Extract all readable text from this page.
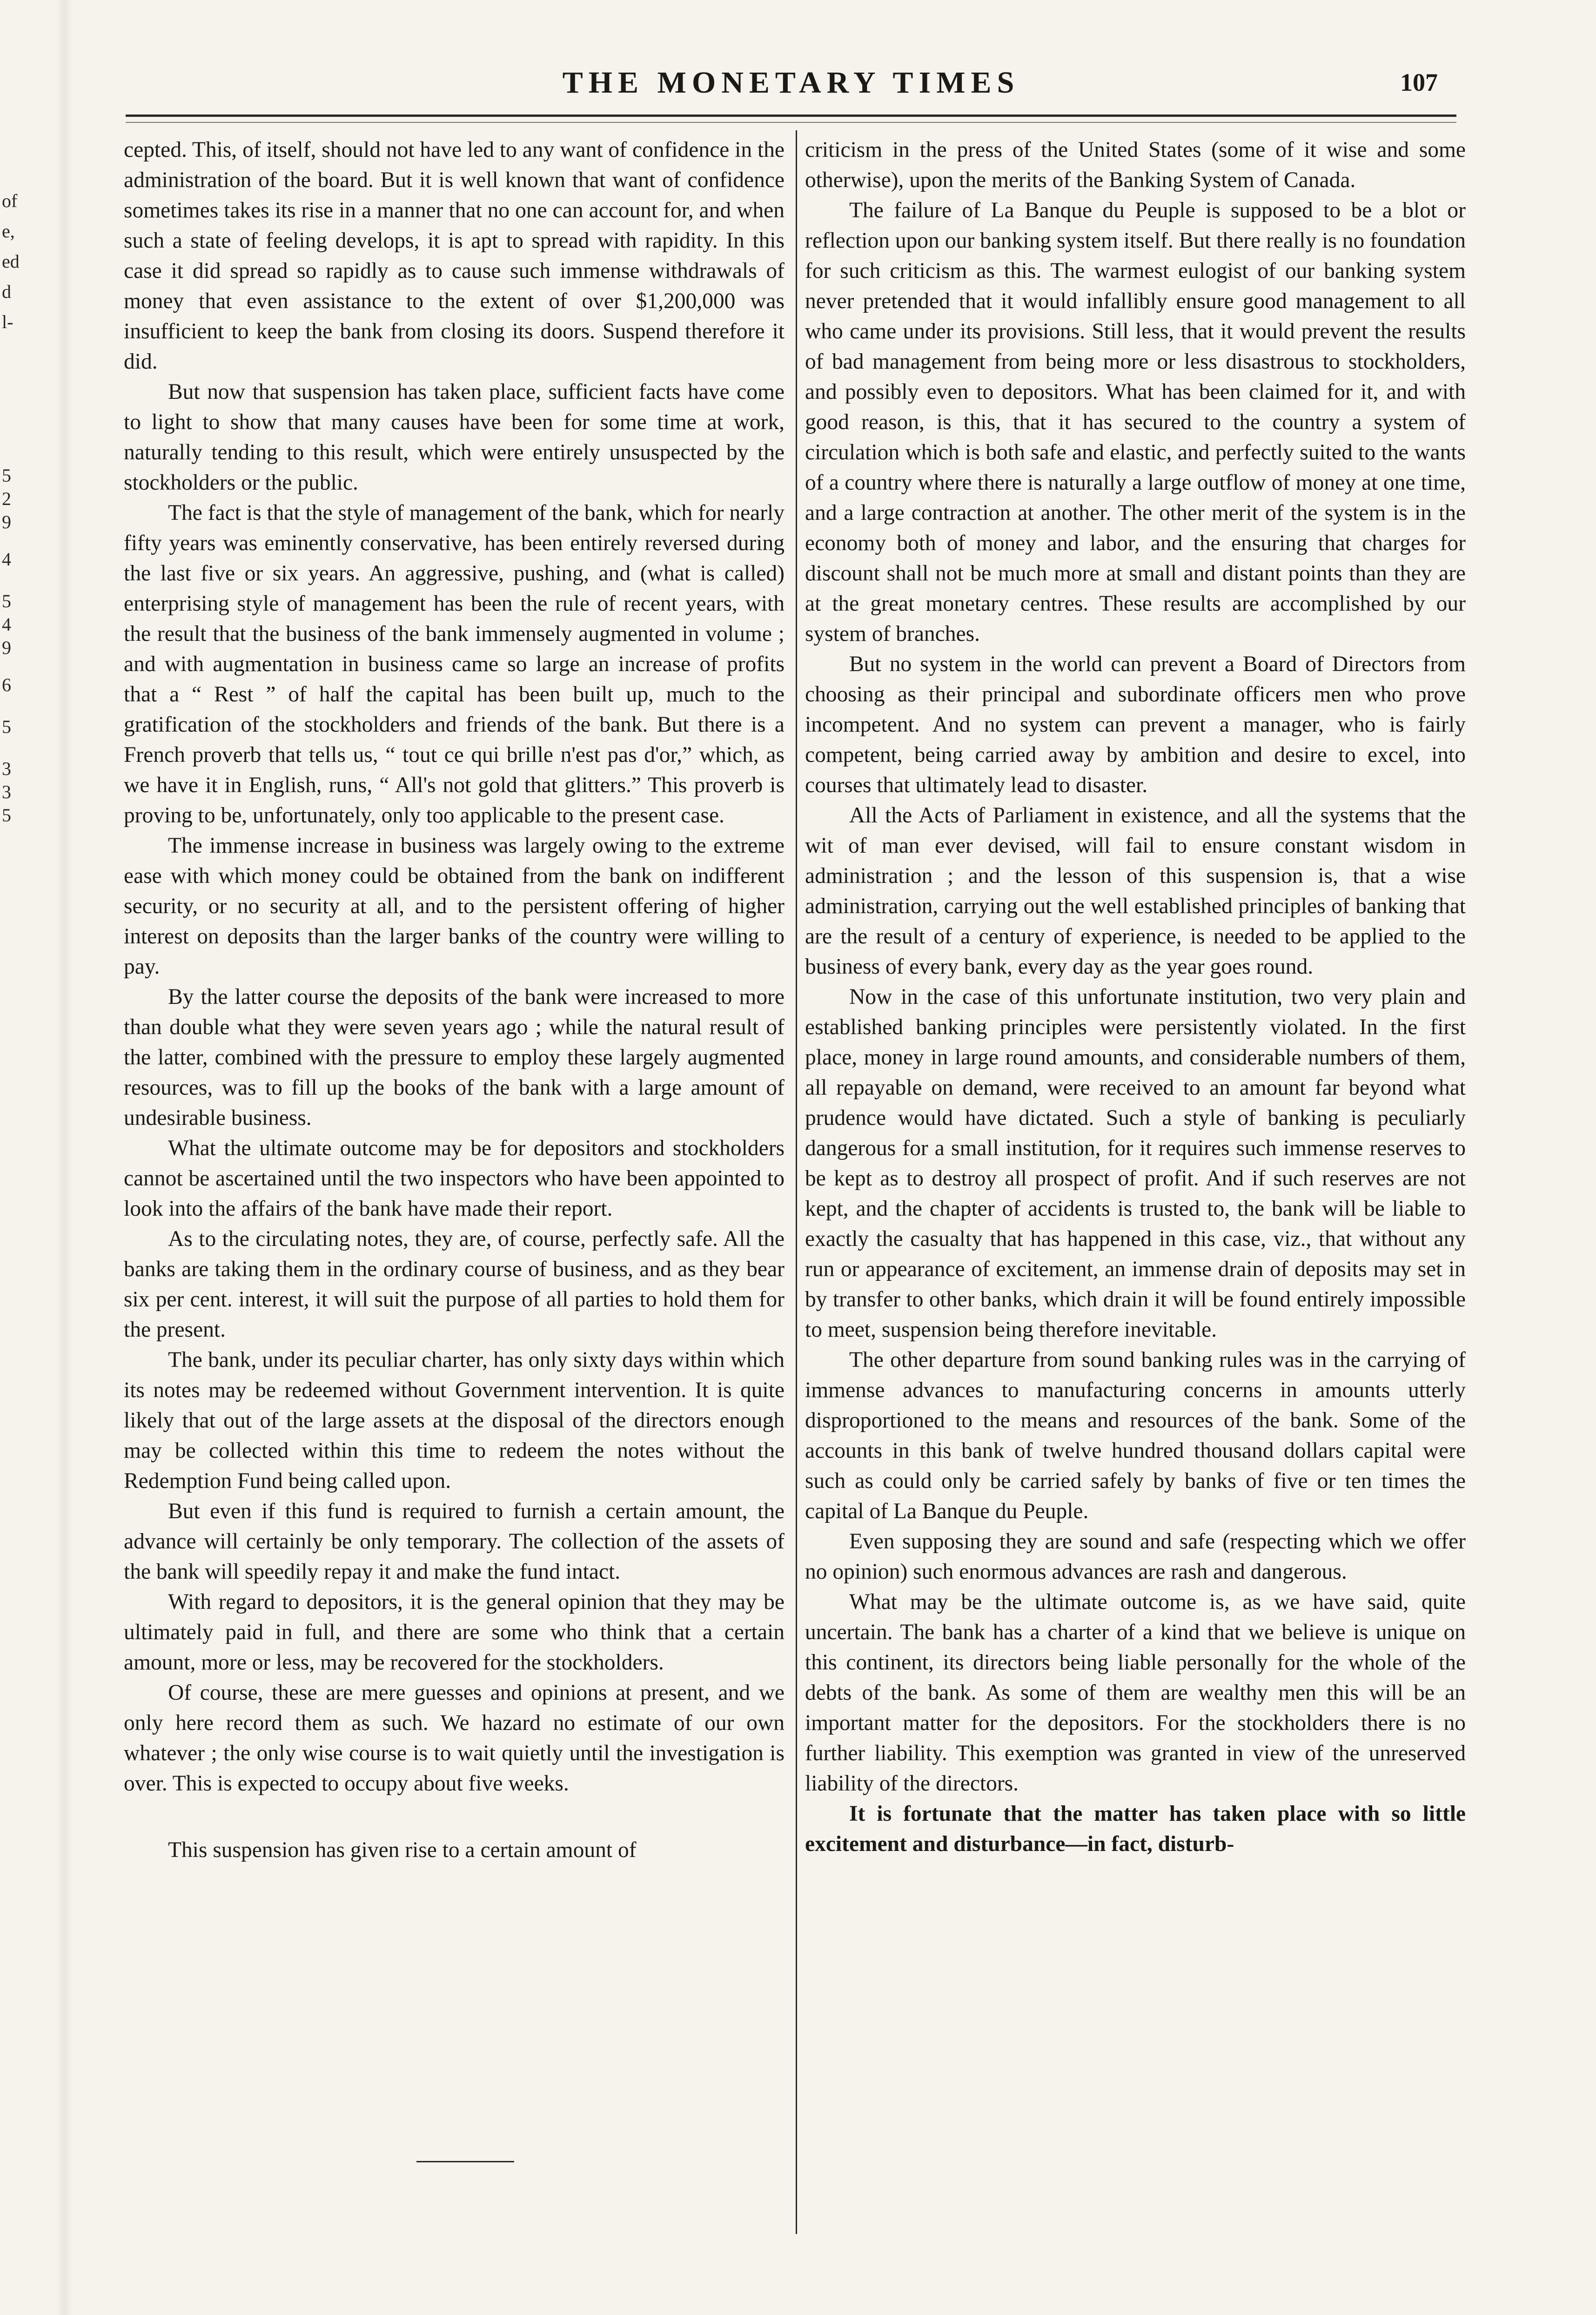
of
e,
ed
d
l-
5
2
9
4
5
4
9
6
5
3
3
5
THE MONETARY TIMES	107

cepted. This, of itself, should not have led to any want of confidence in the administration of the board. But it is well known that want of confidence sometimes takes its rise in a manner that no one can account for, and when such a state of feeling develops, it is apt to spread with rapidity. In this case it did spread so rapidly as to cause such immense withdrawals of money that even assistance to the extent of over $1,200,000 was insufficient to keep the bank from closing its doors. Suspend therefore it did.

But now that suspension has taken place, sufficient facts have come to light to show that many causes have been for some time at work, naturally tending to this result, which were entirely unsuspected by the stockholders or the public.

The fact is that the style of management of the bank, which for nearly fifty years was eminently conservative, has been entirely reversed during the last five or six years. An aggressive, pushing, and (what is called) enterprising style of management has been the rule of recent years, with the result that the business of the bank immensely augmented in volume ; and with augmentation in business came so large an increase of profits that a “ Rest ” of half the capital has been built up, much to the gratification of the stockholders and friends of the bank. But there is a French proverb that tells us, “ tout ce qui brille n'est pas d'or,” which, as we have it in English, runs, “ All's not gold that glitters.” This proverb is proving to be, unfortunately, only too applicable to the present case.

The immense increase in business was largely owing to the extreme ease with which money could be obtained from the bank on indifferent security, or no security at all, and to the persistent offering of higher interest on deposits than the larger banks of the country were willing to pay.

By the latter course the deposits of the bank were increased to more than double what they were seven years ago ; while the natural result of the latter, combined with the pressure to employ these largely augmented resources, was to fill up the books of the bank with a large amount of undesirable business.

What the ultimate outcome may be for depositors and stockholders cannot be ascertained until the two inspectors who have been appointed to look into the affairs of the bank have made their report.

As to the circulating notes, they are, of course, perfectly safe. All the banks are taking them in the ordinary course of business, and as they bear six per cent. interest, it will suit the purpose of all parties to hold them for the present.

The bank, under its peculiar charter, has only sixty days within which its notes may be redeemed without Government intervention. It is quite likely that out of the large assets at the disposal of the directors enough may be collected within this time to redeem the notes without the Redemption Fund being called upon.

But even if this fund is required to furnish a certain amount, the advance will certainly be only temporary. The collection of the assets of the bank will speedily repay it and make the fund intact.

With regard to depositors, it is the general opinion that they may be ultimately paid in full, and there are some who think that a certain amount, more or less, may be recovered for the stockholders.

Of course, these are mere guesses and opinions at present, and we only here record them as such. We hazard no estimate of our own whatever ; the only wise course is to wait quietly until the investigation is over. This is expected to occupy about five weeks.

This suspension has given rise to a certain amount of

criticism in the press of the United States (some of it wise and some otherwise), upon the merits of the Banking System of Canada.

The failure of La Banque du Peuple is supposed to be a blot or reflection upon our banking system itself. But there really is no foundation for such criticism as this. The warmest eulogist of our banking system never pretended that it would infallibly ensure good management to all who came under its provisions. Still less, that it would prevent the results of bad management from being more or less disastrous to stockholders, and possibly even to depositors. What has been claimed for it, and with good reason, is this, that it has secured to the country a system of circulation which is both safe and elastic, and perfectly suited to the wants of a country where there is naturally a large outflow of money at one time, and a large contraction at another. The other merit of the system is in the economy both of money and labor, and the ensuring that charges for discount shall not be much more at small and distant points than they are at the great monetary centres. These results are accomplished by our system of branches.

But no system in the world can prevent a Board of Directors from choosing as their principal and subordinate officers men who prove incompetent. And no system can prevent a manager, who is fairly competent, being carried away by ambition and desire to excel, into courses that ultimately lead to disaster.

All the Acts of Parliament in existence, and all the systems that the wit of man ever devised, will fail to ensure constant wisdom in administration ; and the lesson of this suspension is, that a wise administration, carrying out the well established principles of banking that are the result of a century of experience, is needed to be applied to the business of every bank, every day as the year goes round.

Now in the case of this unfortunate institution, two very plain and established banking principles were persistently violated. In the first place, money in large round amounts, and considerable numbers of them, all repayable on demand, were received to an amount far beyond what prudence would have dictated. Such a style of banking is peculiarly dangerous for a small institution, for it requires such immense reserves to be kept as to destroy all prospect of profit. And if such reserves are not kept, and the chapter of accidents is trusted to, the bank will be liable to exactly the casualty that has happened in this case, viz., that without any run or appearance of excitement, an immense drain of deposits may set in by transfer to other banks, which drain it will be found entirely impossible to meet, suspension being therefore inevitable.

The other departure from sound banking rules was in the carrying of immense advances to manufacturing concerns in amounts utterly disproportioned to the means and resources of the bank. Some of the accounts in this bank of twelve hundred thousand dollars capital were such as could only be carried safely by banks of five or ten times the capital of La Banque du Peuple.

Even supposing they are sound and safe (respecting which we offer no opinion) such enormous advances are rash and dangerous.

What may be the ultimate outcome is, as we have said, quite uncertain. The bank has a charter of a kind that we believe is unique on this continent, its directors being liable personally for the whole of the debts of the bank. As some of them are wealthy men this will be an important matter for the depositors. For the stockholders there is no further liability. This exemption was granted in view of the unreserved liability of the directors.

It is fortunate that the matter has taken place with so little excitement and disturbance—in fact, disturb-
